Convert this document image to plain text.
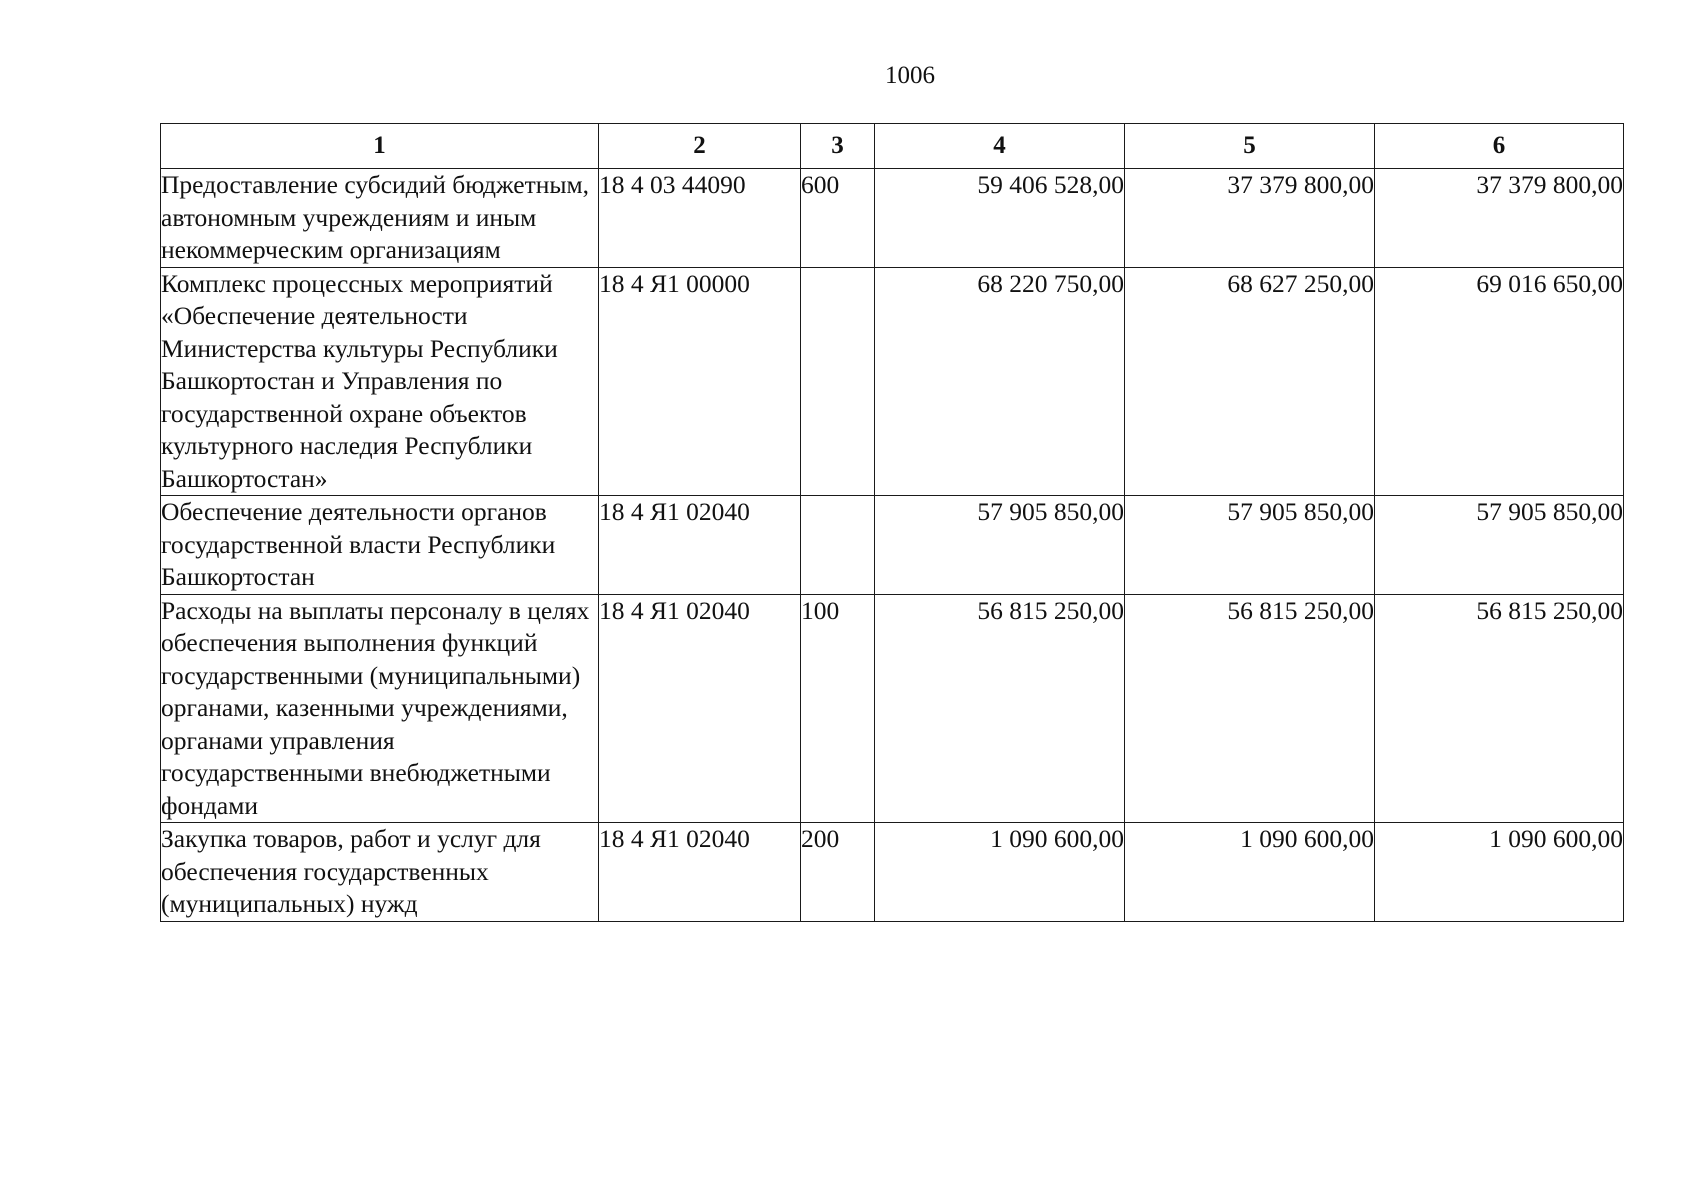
1006
1	2	3	4	5	6
Предоставление субсидий бюджетным, автономным учреждениям и иным некоммерческим организациям	18 4 03 44090	600	59 406 528,00	37 379 800,00	37 379 800,00
Комплекс процессных мероприятий «Обеспечение деятельности Министерства культуры Республики Башкортостан и Управления по государственной охране объектов культурного наследия Республики Башкортостан»	18 4 Я1 00000		68 220 750,00	68 627 250,00	69 016 650,00
Обеспечение деятельности органов государственной власти Республики Башкортостан	18 4 Я1 02040		57 905 850,00	57 905 850,00	57 905 850,00
Расходы на выплаты персоналу в целях обеспечения выполнения функций государственными (муниципальными) органами, казенными учреждениями, органами управления государственными внебюджетными фондами	18 4 Я1 02040	100	56 815 250,00	56 815 250,00	56 815 250,00
Закупка товаров, работ и услуг для обеспечения государственных (муниципальных) нужд	18 4 Я1 02040	200	1 090 600,00	1 090 600,00	1 090 600,00
